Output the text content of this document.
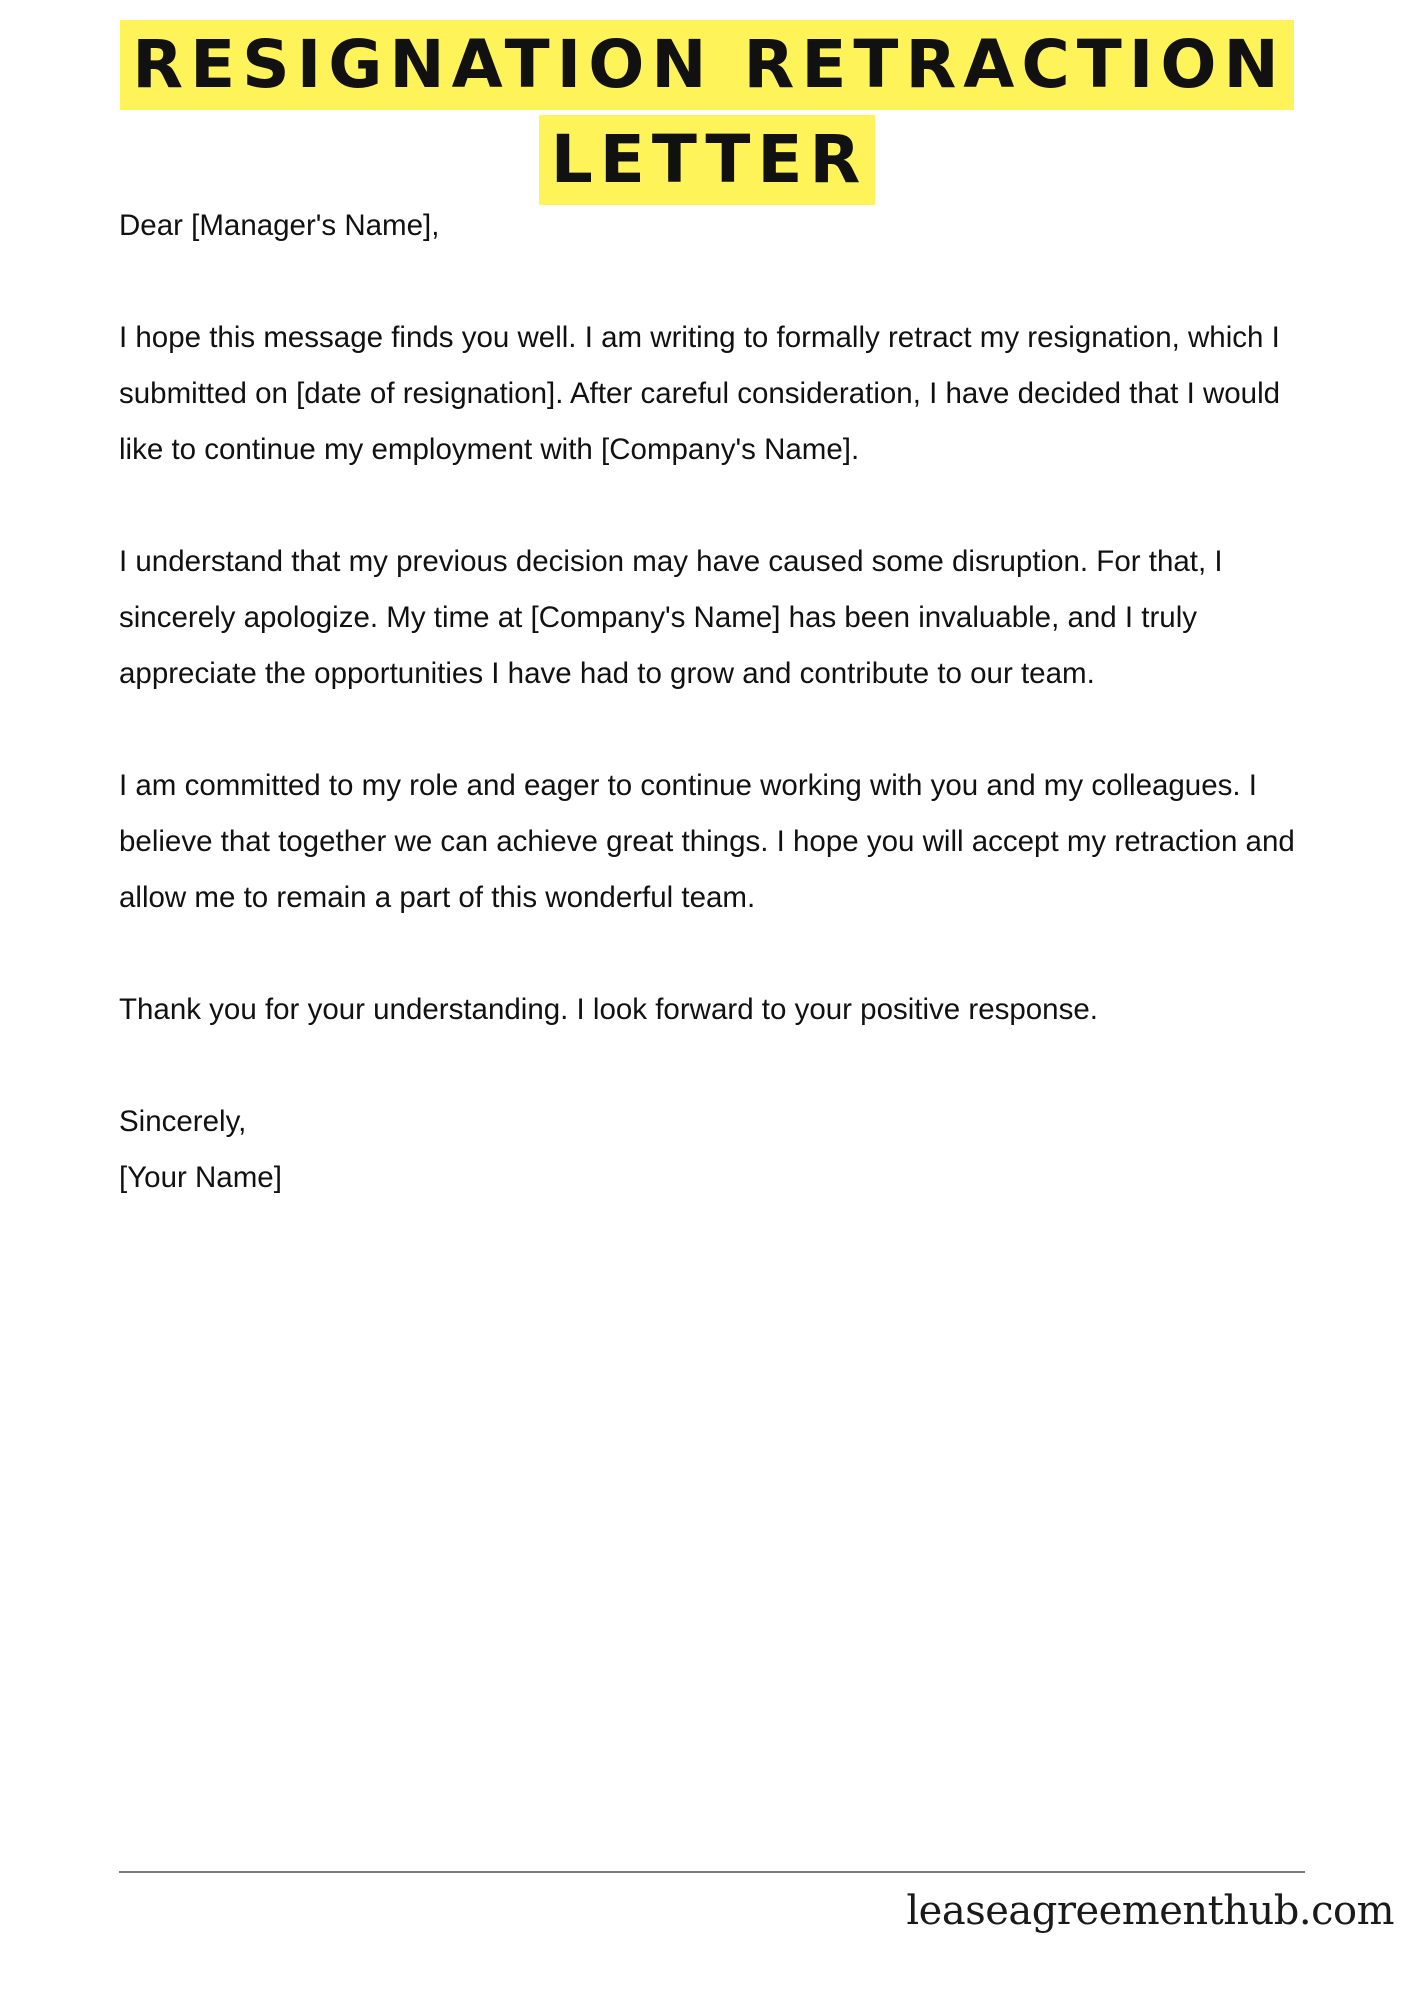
RESIGNATION RETRACTION
LETTER

Dear [Manager's Name],

I hope this message finds you well. I am writing to formally retract my resignation, which I submitted on [date of resignation]. After careful consideration, I have decided that I would like to continue my employment with [Company's Name].

I understand that my previous decision may have caused some disruption. For that, I sincerely apologize. My time at [Company's Name] has been invaluable, and I truly appreciate the opportunities I have had to grow and contribute to our team.

I am committed to my role and eager to continue working with you and my colleagues. I believe that together we can achieve great things. I hope you will accept my retraction and allow me to remain a part of this wonderful team.

Thank you for your understanding. I look forward to your positive response.

Sincerely,

[Your Name]

leaseagreementhub.com
